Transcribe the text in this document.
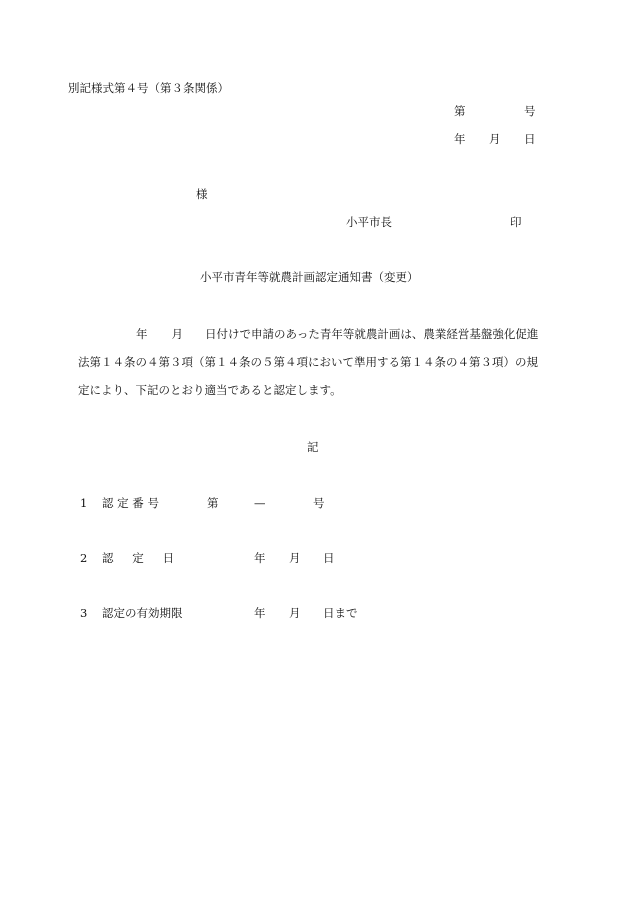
別記様式第４号（第３条関係）
第	号
年 月 日
様
小平市長	印
小平市青年等就農計画認定通知書（変更）
年 月 日付けで申請のあった青年等就農計画は、農業経営基盤強化促進
法第１４条の４第３項（第１４条の５第４項において準用する第１４条の４第３項）の規
定により、下記のとおり適当であると認定します。
記
1 認 定 番 号	第	—	号
2 認 　 定 　 日	年 月 日
3 認定の有効期限	年 月 日まで
